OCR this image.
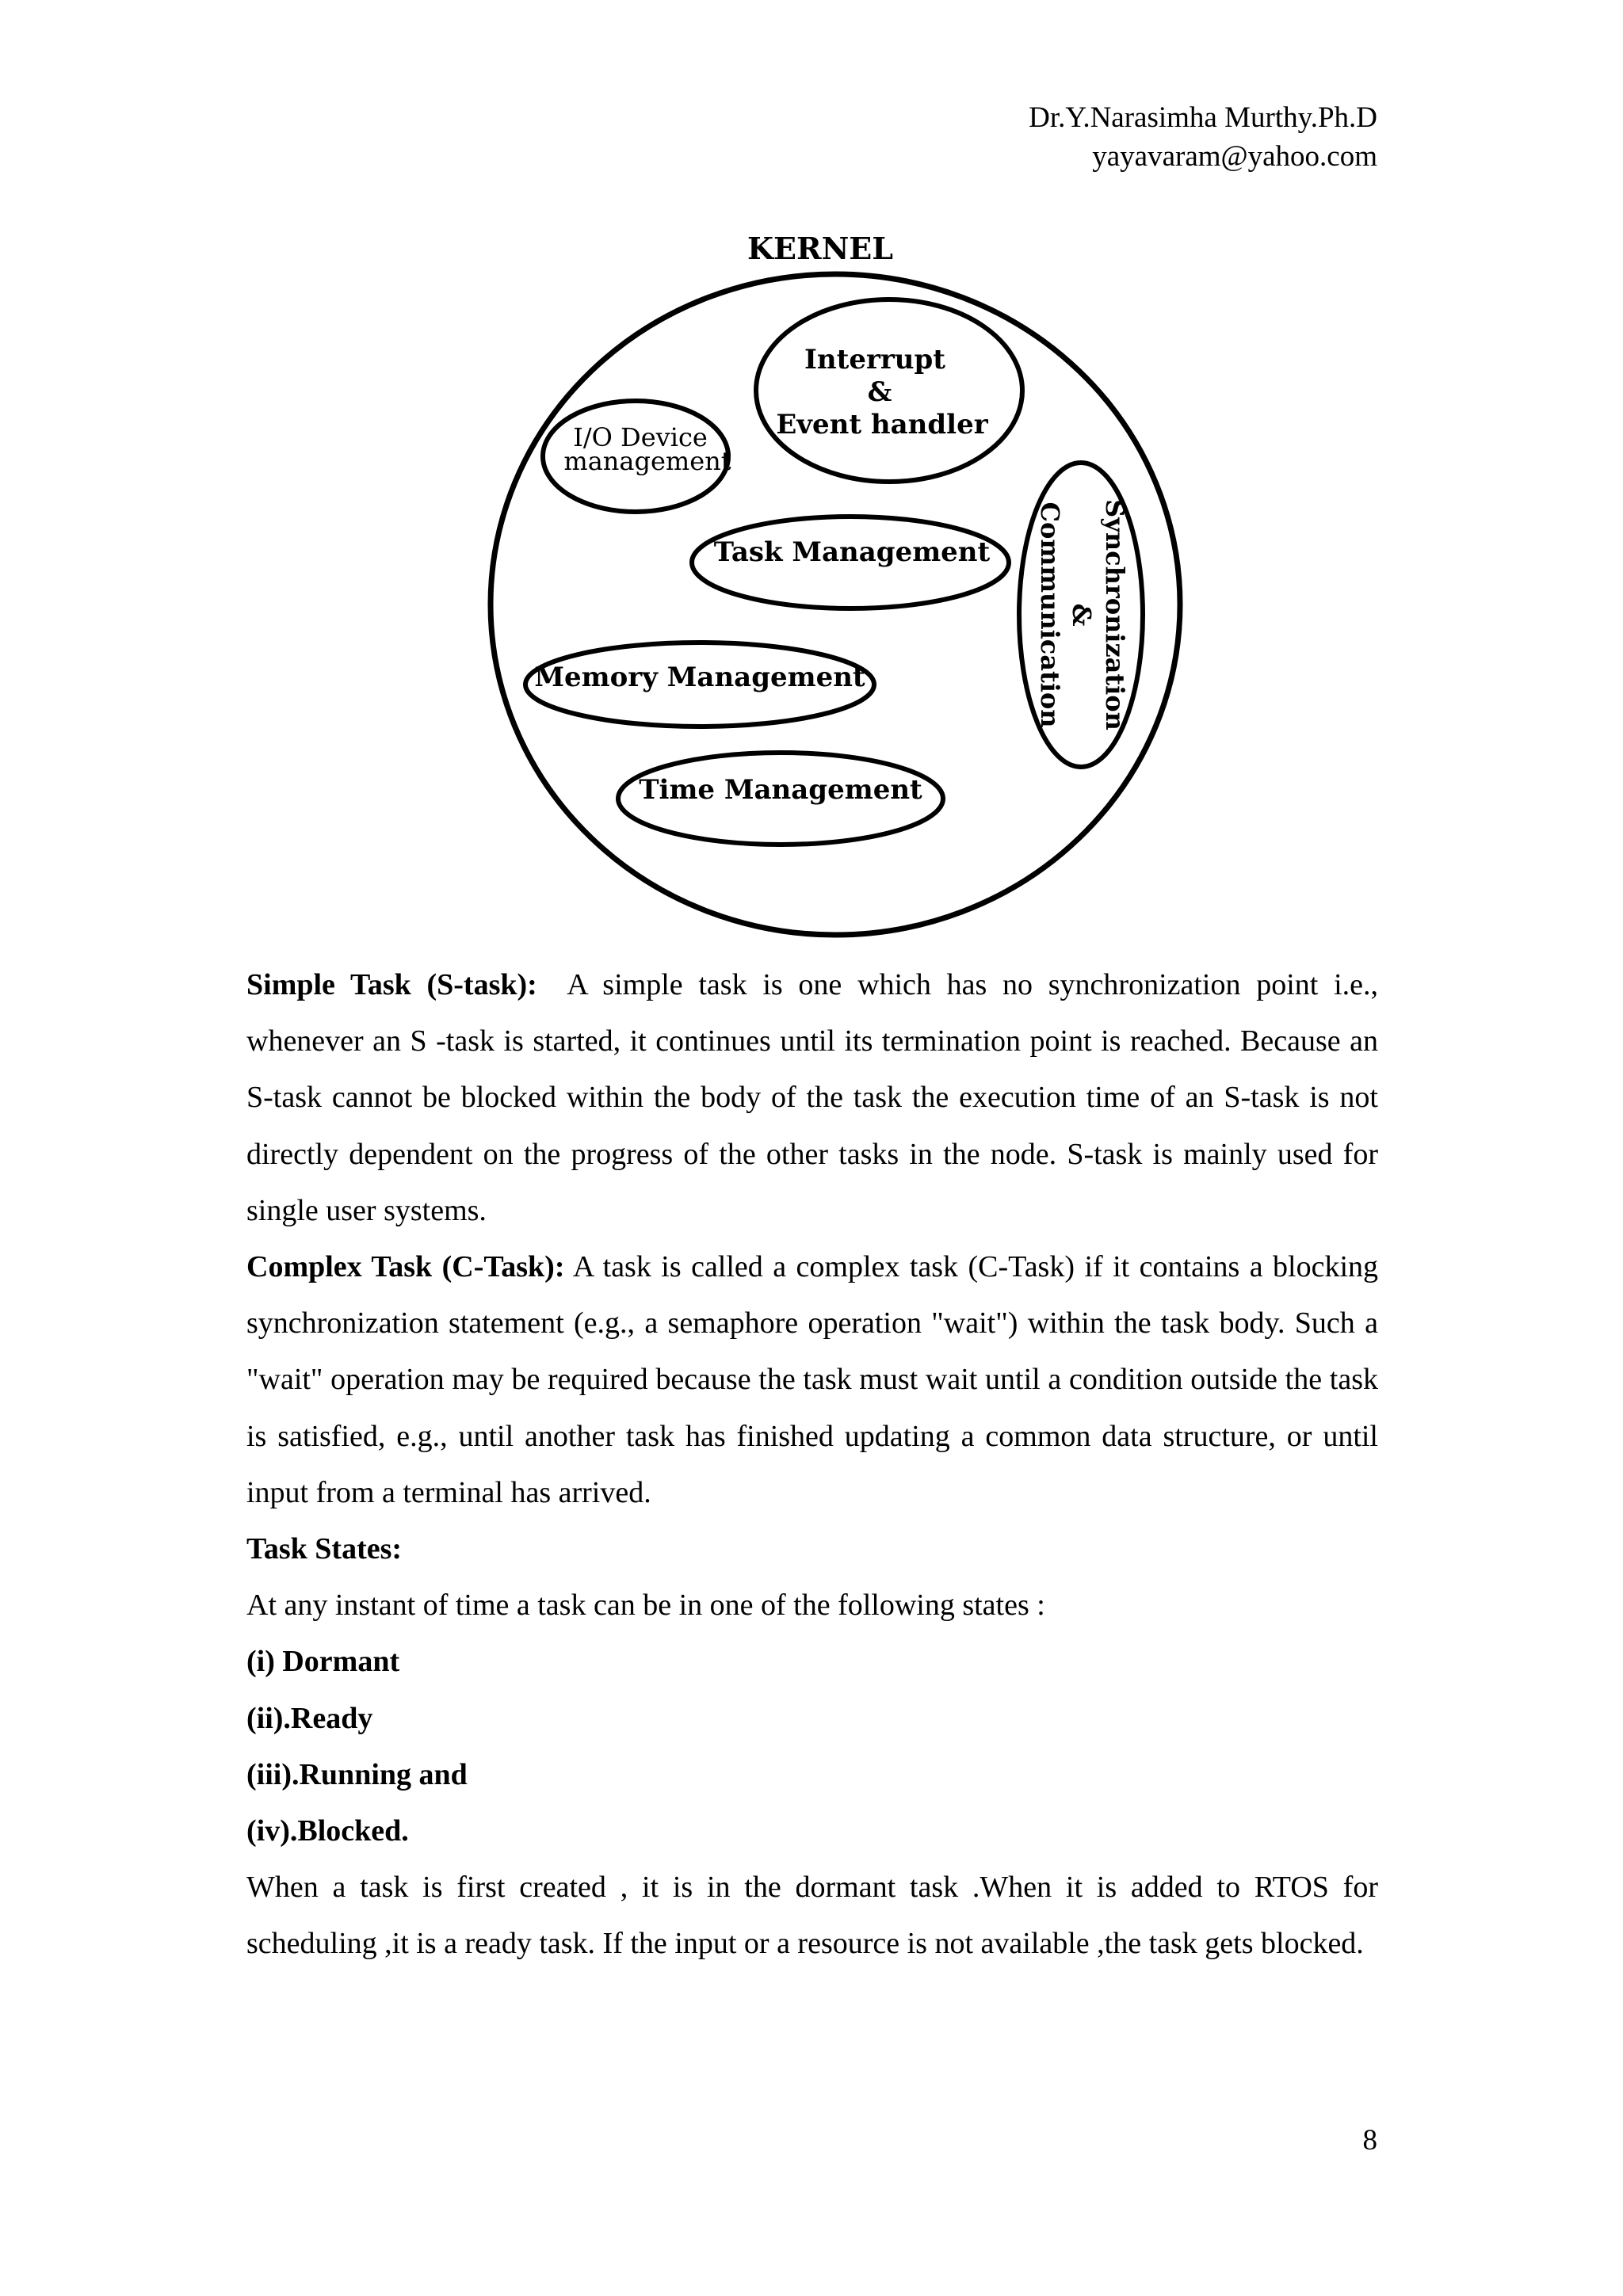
Dr.Y.Narasimha Murthy.Ph.D
yayavaram@yahoo.com
KERNEL
Interrupt
&
Event handler
I/O Device
management
Task Management
Memory Management
Time Management
Synchronization
&
Communication

Simple Task (S-task): A simple task is one which has no synchronization point i.e., whenever an S -task is started, it continues until its termination point is reached. Because an S-task cannot be blocked within the body of the task the execution time of an S-task is not directly dependent on the progress of the other tasks in the node. S-task is mainly used for single user systems.

Complex Task (C-Task): A task is called a complex task (C-Task) if it contains a blocking synchronization statement (e.g., a semaphore operation "wait") within the task body. Such a "wait" operation may be required because the task must wait until a condition outside the task is satisfied, e.g., until another task has finished updating a common data structure, or until input from a terminal has arrived.

Task States:

At any instant of time a task can be in one of the following states :

(i) Dormant

(ii).Ready

(iii).Running and

(iv).Blocked.

When a task is first created , it is in the dormant task .When it is added to RTOS for scheduling ,it is a ready task. If the input or a resource is not available ,the task gets blocked.

8
